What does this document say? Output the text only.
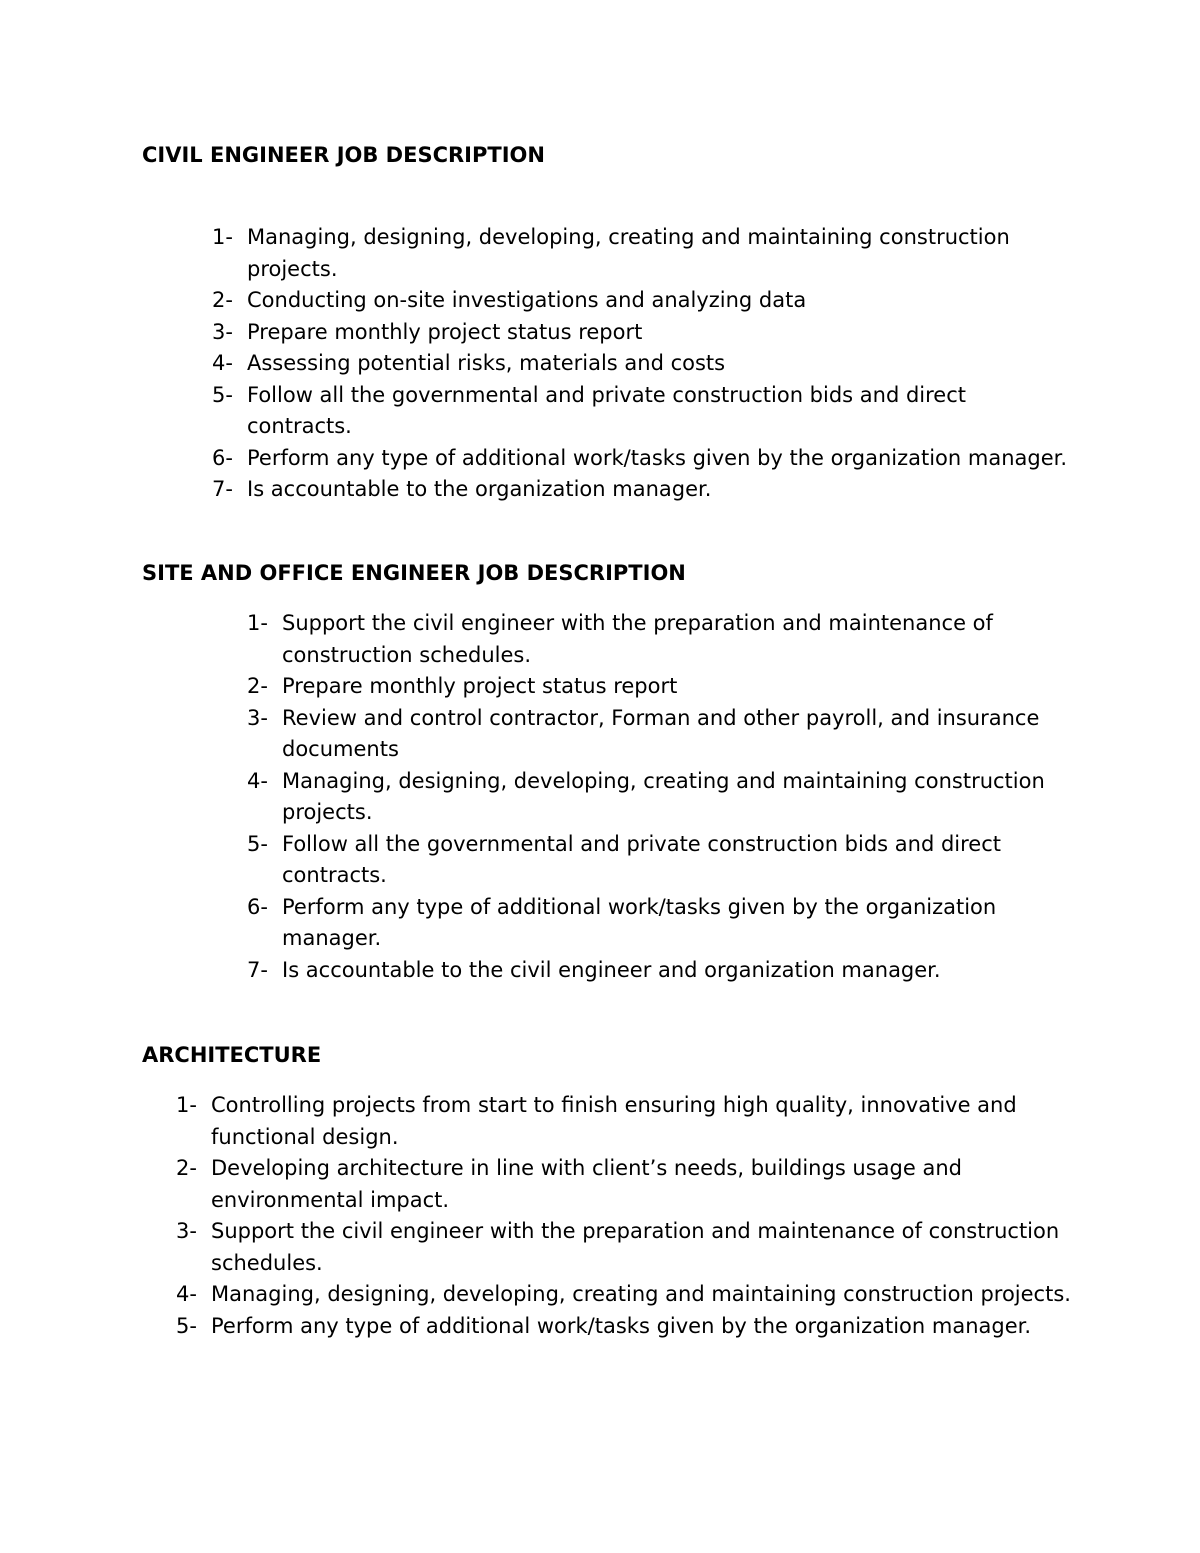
CIVIL ENGINEER JOB DESCRIPTION
1- Managing, designing, developing, creating and maintaining construction projects.
2- Conducting on-site investigations and analyzing data
3- Prepare monthly project status report
4- Assessing potential risks, materials and costs
5- Follow all the governmental and private construction bids and direct contracts.
6- Perform any type of additional work/tasks given by the organization manager.
7- Is accountable to the organization manager.
SITE AND OFFICE ENGINEER JOB DESCRIPTION
1- Support the civil engineer with the preparation and maintenance of construction schedules.
2- Prepare monthly project status report
3- Review and control contractor, Forman and other payroll, and insurance documents
4- Managing, designing, developing, creating and maintaining construction projects.
5- Follow all the governmental and private construction bids and direct contracts.
6- Perform any type of additional work/tasks given by the organization manager.
7- Is accountable to the civil engineer and organization manager.
ARCHITECTURE
1- Controlling projects from start to finish ensuring high quality, innovative and functional design.
2- Developing architecture in line with client’s needs, buildings usage and environmental impact.
3- Support the civil engineer with the preparation and maintenance of construction schedules.
4- Managing, designing, developing, creating and maintaining construction projects.
5- Perform any type of additional work/tasks given by the organization manager.
